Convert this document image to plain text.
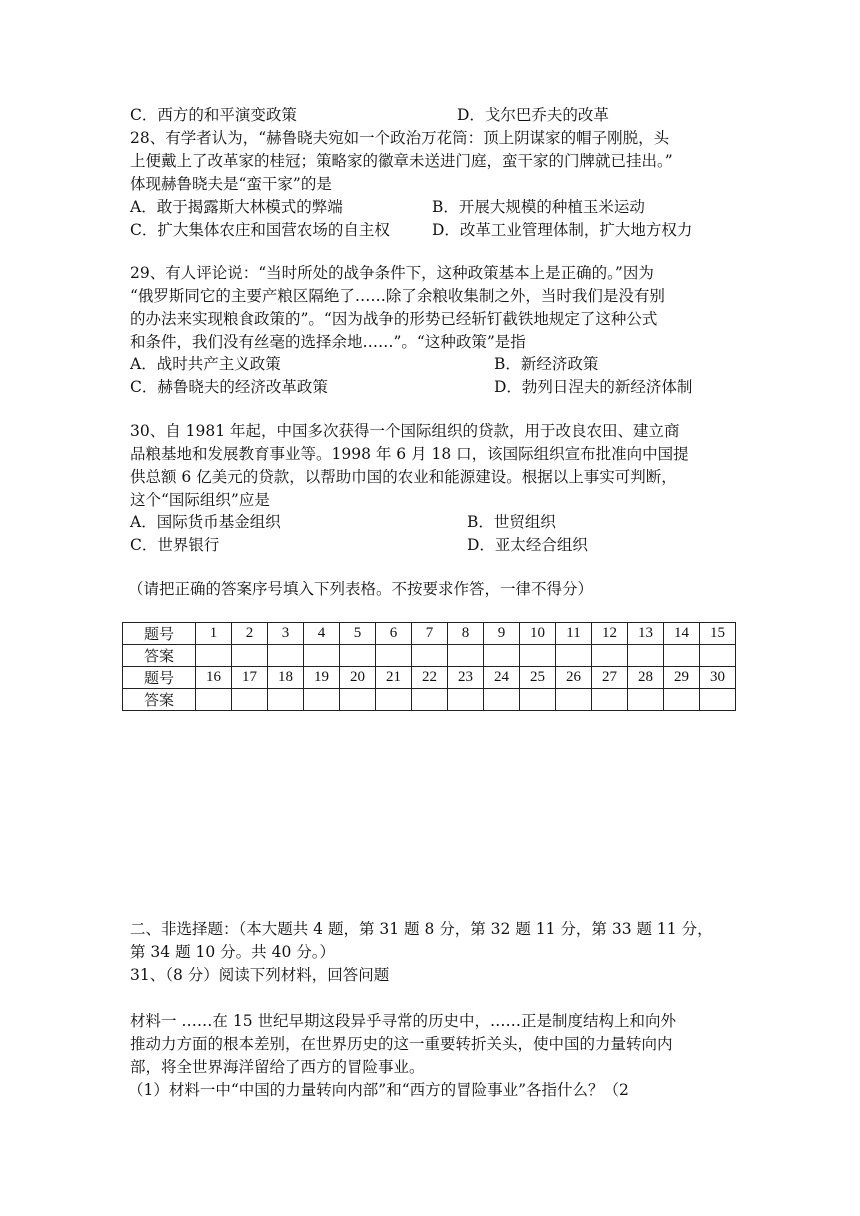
C．西方的和平演变政策	D．戈尔巴乔夫的改革
28、有学者认为，“赫鲁晓夫宛如一个政治万花筒：顶上阴谋家的帽子刚脱，头
上便戴上了改革家的桂冠；策略家的徽章未送进门庭，蛮干家的门牌就已挂出。”
体现赫鲁晓夫是“蛮干家”的是
A．敢于揭露斯大林模式的弊端	B．开展大规模的种植玉米运动
C．扩大集体农庄和国营农场的自主权	D．改革工业管理体制，扩大地方权力
29、有人评论说：“当时所处的战争条件下，这种政策基本上是正确的。”因为
“俄罗斯同它的主要产粮区隔绝了……除了余粮收集制之外，当时我们是没有别
的办法来实现粮食政策的”。“因为战争的形势已经斩钉截铁地规定了这种公式
和条件，我们没有丝毫的选择余地……”。“这种政策”是指
A．战时共产主义政策	B．新经济政策
C．赫鲁晓夫的经济改革政策	D．勃列日涅夫的新经济体制
30、自 1981 年起，中国多次获得一个国际组织的贷款，用于改良农田、建立商
品粮基地和发展教育事业等。1998 年 6 月 18 口，该国际组织宣布批准向中国提
供总额 6 亿美元的贷款，以帮助巾国的农业和能源建设。根据以上事实可判断，
这个“国际组织”应是
A．国际货币基金组织	B．世贸组织
C．世界银行	D．亚太经合组织
（请把正确的答案序号填入下列表格。不按要求作答，一律不得分）
题号	1	2	3	4	5	6	7	8	9	10	11	12	13	14	15
答案															
题号	16	17	18	19	20	21	22	23	24	25	26	27	28	29	30
答案															
二、非选择题：（本大题共 4 题，第 31 题 8 分，第 32 题 11 分，第 33 题 11 分，
第 34 题 10 分。共 40 分。）
31、（8 分）阅读下列材料，回答问题
材料一 ……在 15 世纪早期这段异乎寻常的历史中，……正是制度结构上和向外
推动力方面的根本差别，在世界历史的这一重要转折关头，使中国的力量转向内
部，将全世界海洋留给了西方的冒险事业。
（1）材料一中“中国的力量转向内部”和“西方的冒险事业”各指什么？（2
